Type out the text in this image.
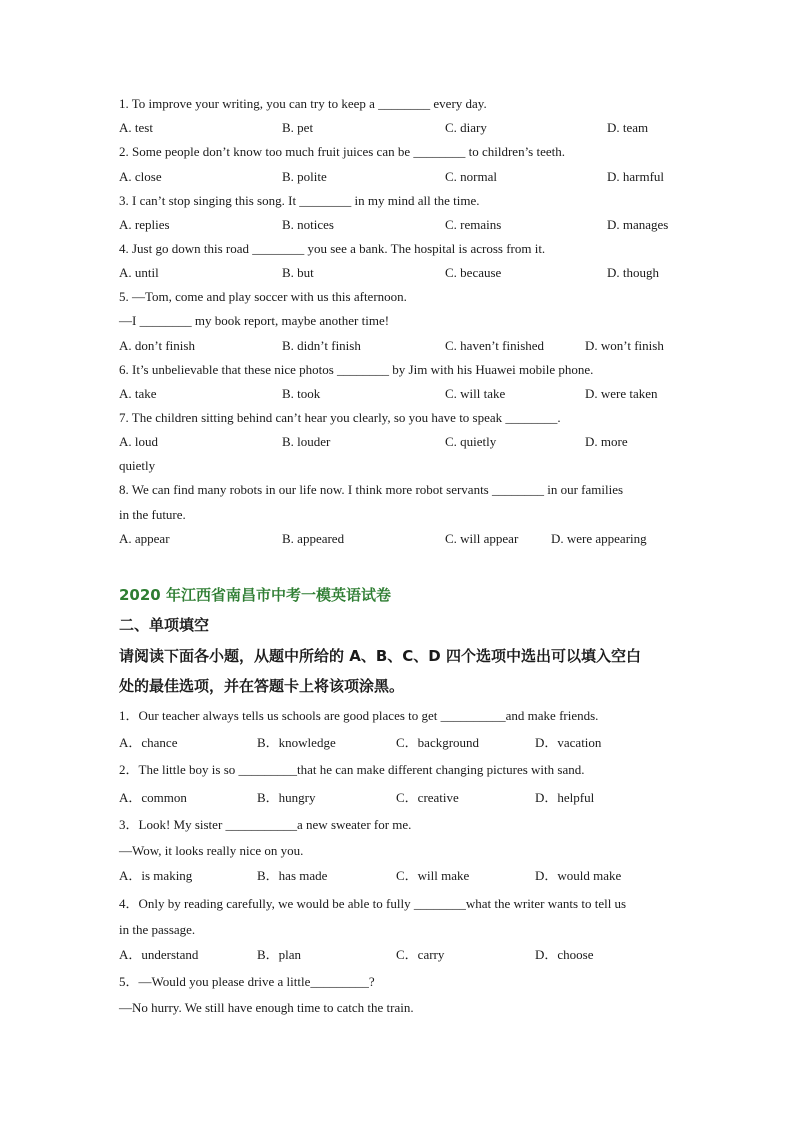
1. To improve your writing, you can try to keep a ________ every day.
A. test	B. pet	C. diary	D. team
2. Some people don’t know too much fruit juices can be ________ to children’s teeth.
A. close	B. polite	C. normal	D. harmful
3. I can’t stop singing this song. It ________ in my mind all the time.
A. replies	B. notices	C. remains	D. manages
4. Just go down this road ________ you see a bank. The hospital is across from it.
A. until	B. but	C. because	D. though
5. —Tom, come and play soccer with us this afternoon.
—I ________ my book report, maybe another time!
A. don’t finish	B. didn’t finish	C. haven’t finished	D. won’t finish
6. It’s unbelievable that these nice photos ________ by Jim with his Huawei mobile phone.
A. take	B. took	C. will take	D. were taken
7. The children sitting behind can’t hear you clearly, so you have to speak ________.
A. loud	B. louder	C. quietly	D. more
quietly
8. We can find many robots in our life now. I think more robot servants ________ in our families
in the future.
A. appear	B. appeared	C. will appear	D. were appearing
2020 年江西省南昌市中考一模英语试卷
二、单项填空
请阅读下面各小题，从题中所给的 A、B、C、D 四个选项中选出可以填入空白
处的最佳选项，并在答题卡上将该项涂黑。
1．Our teacher always tells us schools are good places to get __________and make friends.
A．chance	B．knowledge	C．background	D．vacation
2．The little boy is so _________that he can make different changing pictures with sand.
A．common	B．hungry	C．creative	D．helpful
3．Look! My sister ___________a new sweater for me.
—Wow, it looks really nice on you.
A．is making	B．has made	C．will make	D．would make
4．Only by reading carefully, we would be able to fully ________what the writer wants to tell us
in the passage.
A．understand	B．plan	C．carry	D．choose
5．—Would you please drive a little_________?
—No hurry. We still have enough time to catch the train.
